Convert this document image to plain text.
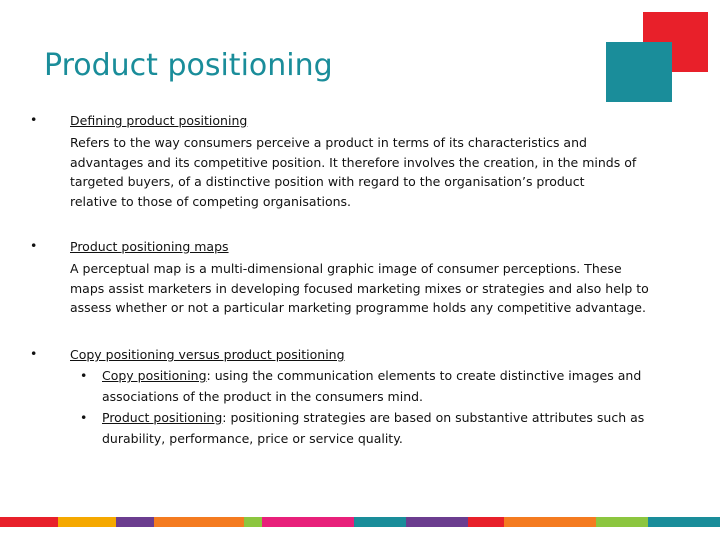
Product positioning
•	Defining product positioning
Refers to the way consumers perceive a product in terms of its characteristics and
advantages and its competitive position. It therefore involves the creation, in the minds of
targeted buyers, of a distinctive position with regard to the organisation’s product
relative to those of competing organisations.
•	Product positioning maps
A perceptual map is a multi-dimensional graphic image of consumer perceptions. These
maps assist marketers in developing focused marketing mixes or strategies and also help to
assess whether or not a particular marketing programme holds any competitive advantage.
•	Copy positioning versus product positioning
• Copy positioning: using the communication elements to create distinctive images and
associations of the product in the consumers mind.
• Product positioning: positioning strategies are based on substantive attributes such as
durability, performance, price or service quality.
